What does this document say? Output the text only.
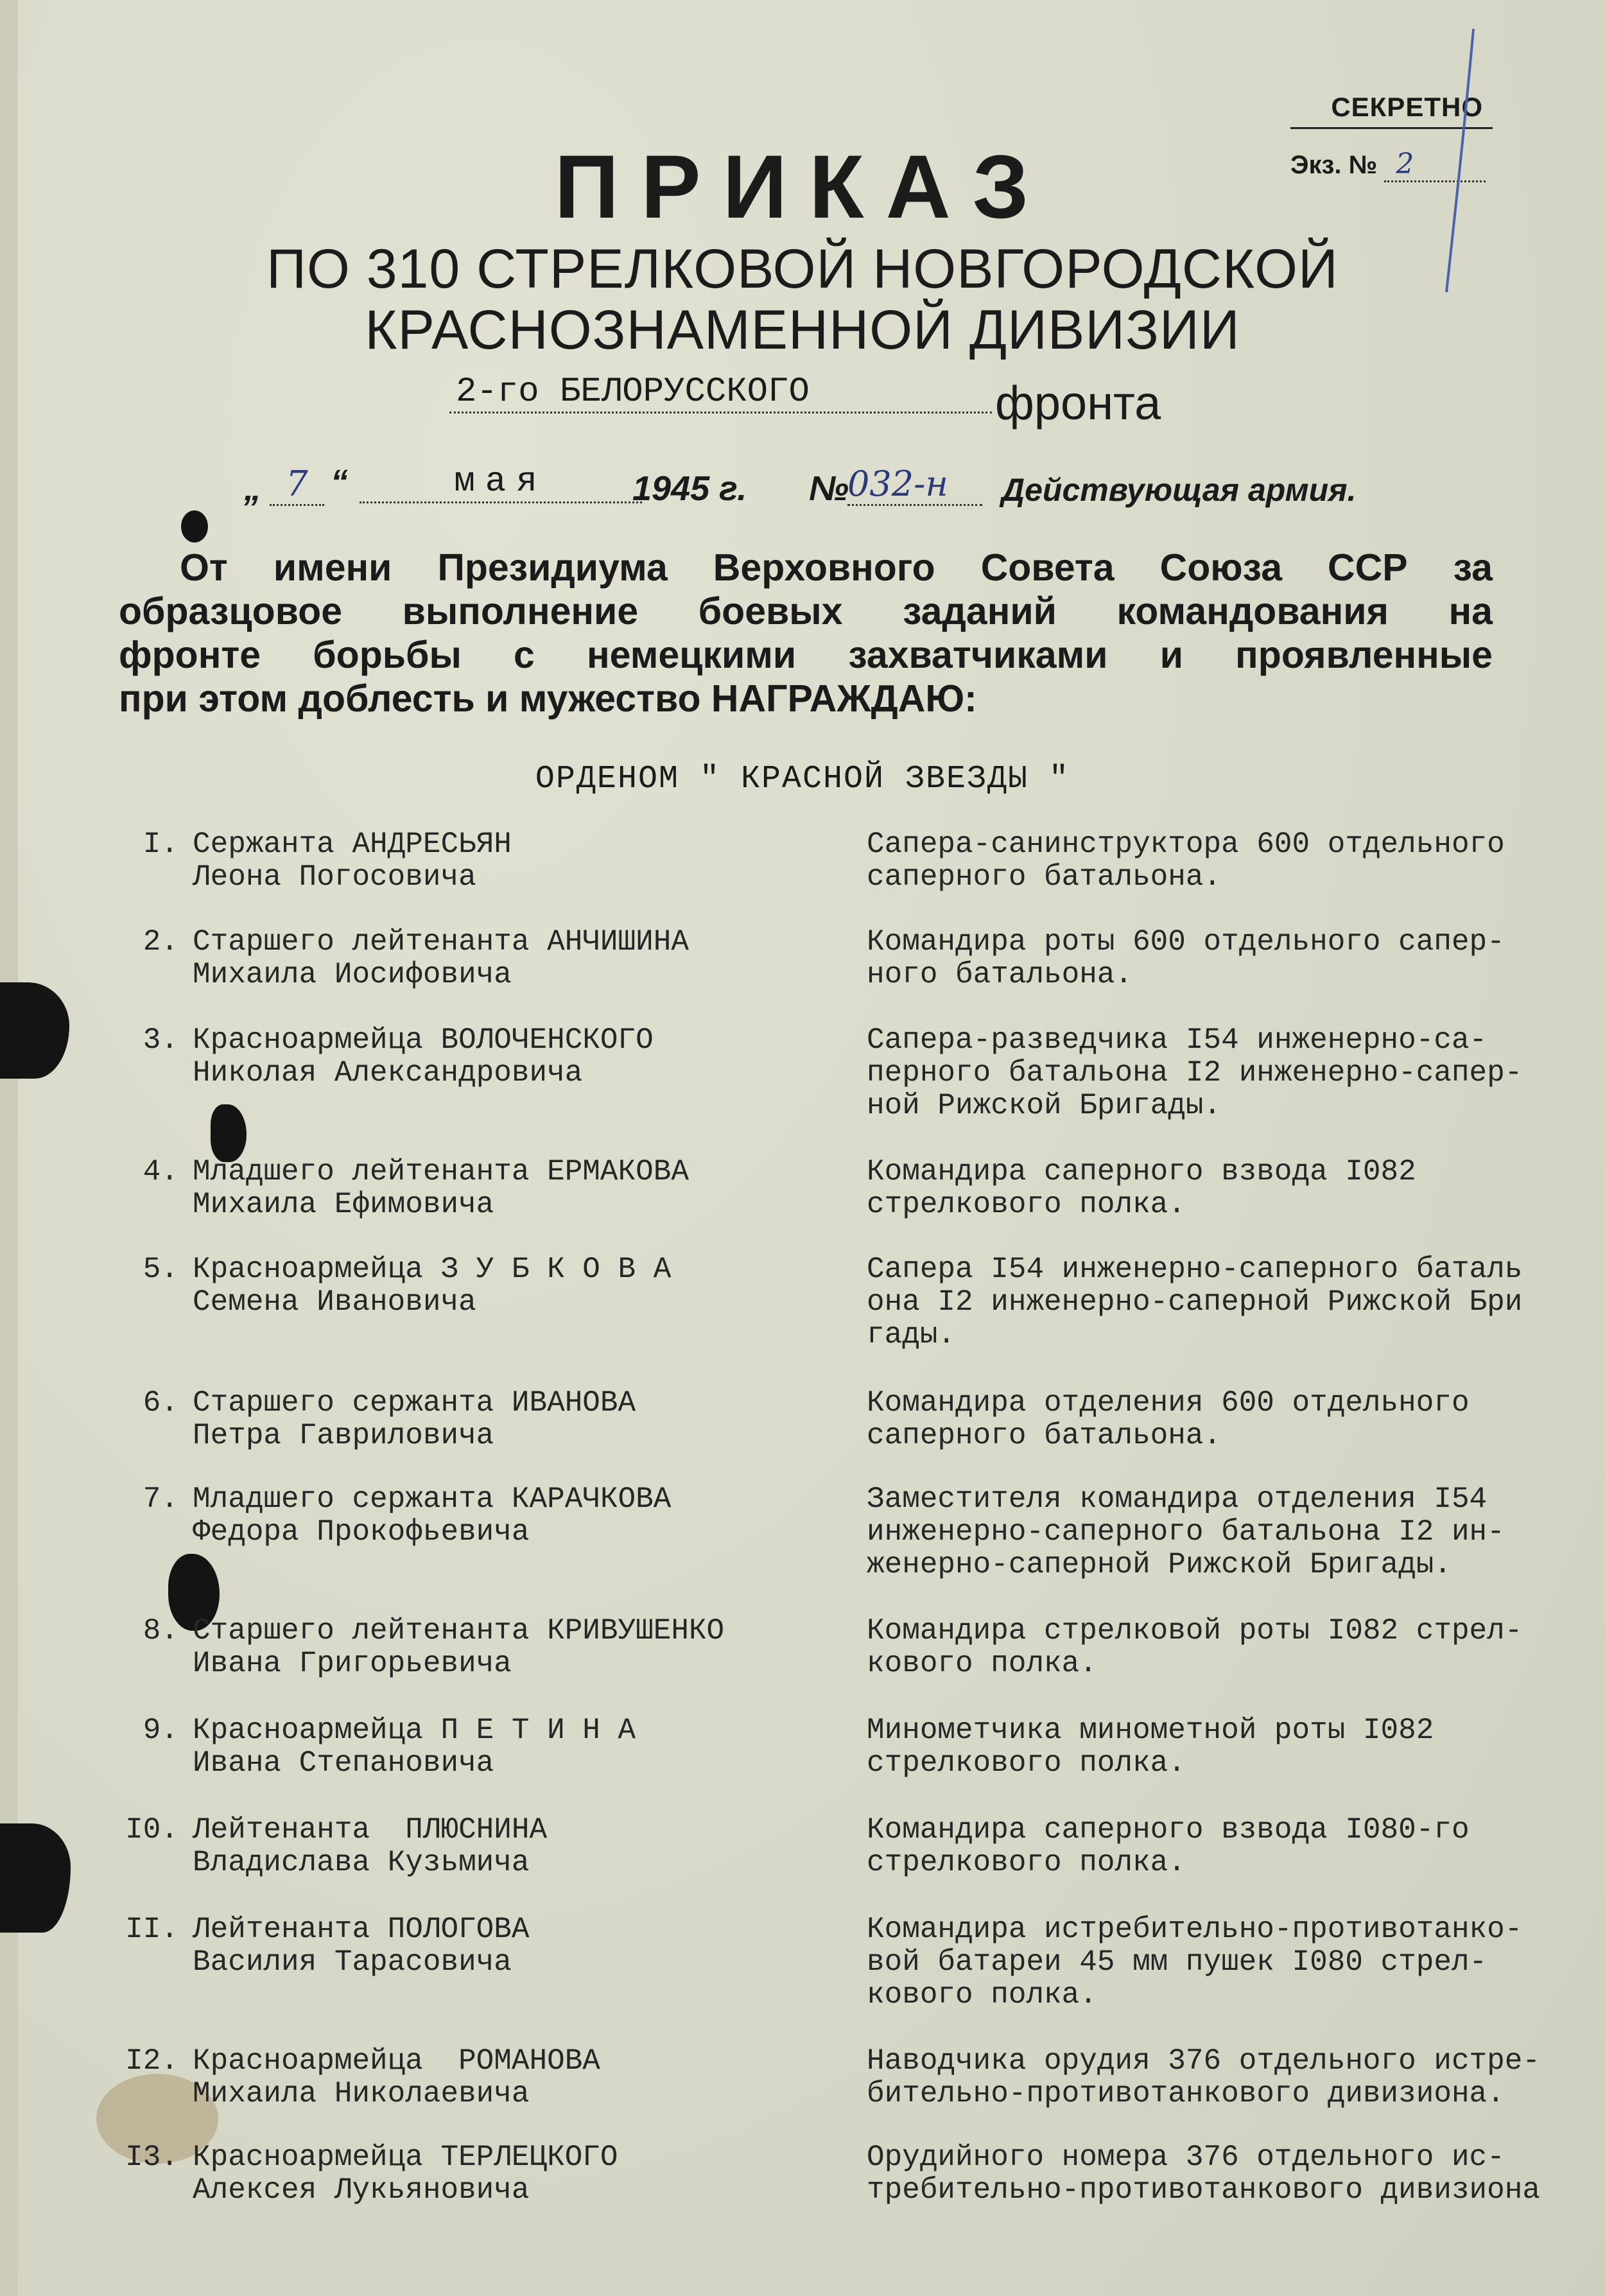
СЕКРЕТНО
Экз. № 2
ПРИКАЗ
ПО 310 СТРЕЛКОВОЙ НОВГОРОДСКОЙ
КРАСНОЗНАМЕННОЙ ДИВИЗИИ
2-го БЕЛОРУССКОГО	фронта
„ 7 “	мая	1945 г. №
032-н	Действующая армия.
От имени Президиума Верховного Совета Союза ССР за
образцовое выполнение боевых заданий командования на
фронте борьбы с немецкими захватчиками и проявленные
при этом доблесть и мужество НАГРАЖДАЮ:
ОРДЕНОМ " КРАСНОЙ ЗВЕЗДЫ "
I. Сержанта АНДРЕСЬЯН
Леона Погосовича
Сапера-санинструктора 600 отдельного
саперного батальона.
2. Старшего лейтенанта АНЧИШИНА
Михаила Иосифовича
Командира роты 600 отдельного сапер-
ного батальона.
3. Красноармейца ВОЛОЧЕНСКОГО
Николая Александровича
Сапера-разведчика I54 инженерно-са-
перного батальона I2 инженерно-сапер-
ной Рижской Бригады.
4. Младшего лейтенанта ЕРМАКОВА
Михаила Ефимовича
Командира саперного взвода I082
стрелкового полка.
5. Красноармейца З У Б К О В А
Семена Ивановича
Сапера I54 инженерно-саперного баталь
она I2 инженерно-саперной Рижской Бри
гады.
6. Старшего сержанта ИВАНОВА
Петра Гавриловича
Командира отделения 600 отдельного
саперного батальона.
7. Младшего сержанта КАРАЧКОВА
Федора Прокофьевича
Заместителя командира отделения I54
инженерно-саперного батальона I2 ин-
женерно-саперной Рижской Бригады.
8. Старшего лейтенанта КРИВУШЕНКО
Ивана Григорьевича
Командира стрелковой роты I082 стрел-
кового полка.
9. Красноармейца П Е Т И Н А
Ивана Степановича
Минометчика минометной роты I082
стрелкового полка.
I0. Лейтенанта  ПЛЮСНИНА
Владислава Кузьмича
Командира саперного взвода I080-го
стрелкового полка.
II. Лейтенанта ПОЛОГОВА
Василия Тарасовича
Командира истребительно-противотанко-
вой батареи 45 мм пушек I080 стрел-
кового полка.
I2. Красноармейца  РОМАНОВА
Михаила Николаевича
Наводчика орудия 376 отдельного истре-
бительно-противотанкового дивизиона.
I3. Красноармейца ТЕРЛЕЦКОГО
Алексея Лукьяновича
Орудийного номера 376 отдельного ис-
требительно-противотанкового дивизиона
